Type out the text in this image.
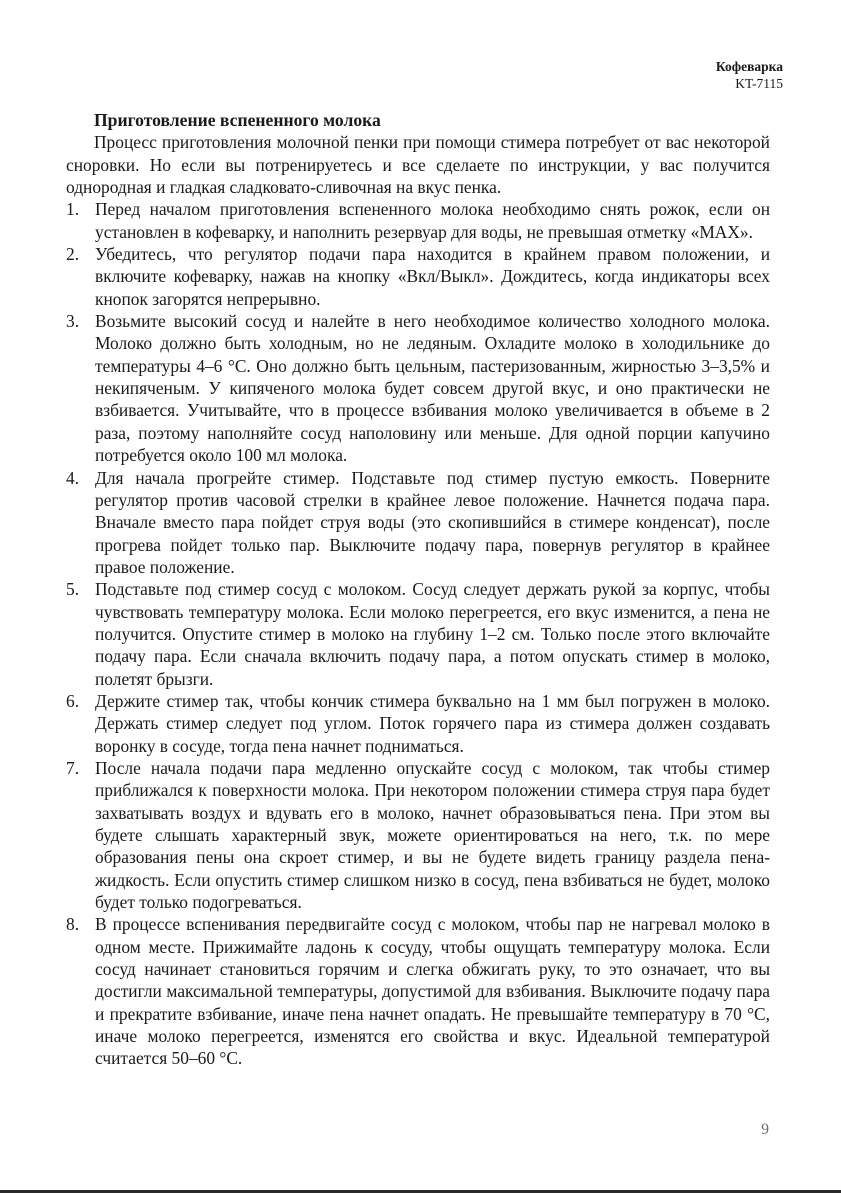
Кофеварка
KT-7115
Приготовление вспененного молока

Процесс приготовления молочной пенки при помощи стимера потребует от вас некоторой сноровки. Но если вы потренируетесь и все сделаете по инструкции, у вас получится однородная и гладкая сладковато-сливочная на вкус пенка.

1. Перед началом приготовления вспененного молока необходимо снять рожок, если он установлен в кофеварку, и наполнить резервуар для воды, не превышая отметку «MAX».
2. Убедитесь, что регулятор подачи пара находится в крайнем правом положении, и включите кофеварку, нажав на кнопку «Вкл/Выкл». Дождитесь, когда индикаторы всех кнопок загорятся непрерывно.
3. Возьмите высокий сосуд и налейте в него необходимое количество холодного молока. Молоко должно быть холодным, но не ледяным. Охладите молоко в холодильнике до температуры 4–6 °С. Оно должно быть цельным, пастеризованным, жирностью 3–3,5% и некипяченым. У кипяченого молока будет совсем другой вкус, и оно практически не взбивается. Учитывайте, что в процессе взбивания молоко увеличивается в объеме в 2 раза, поэтому наполняйте сосуд наполовину или меньше. Для одной порции капучино потребуется около 100 мл молока.
4. Для начала прогрейте стимер. Подставьте под стимер пустую емкость. Поверните регулятор против часовой стрелки в крайнее левое положение. Начнется подача пара. Вначале вместо пара пойдет струя воды (это скопившийся в стимере конденсат), после прогрева пойдет только пар. Выключите подачу пара, повернув регулятор в крайнее правое положение.
5. Подставьте под стимер сосуд с молоком. Сосуд следует держать рукой за корпус, чтобы чувствовать температуру молока. Если молоко перегреется, его вкус изменится, а пена не получится. Опустите стимер в молоко на глубину 1–2 см. Только после этого включайте подачу пара. Если сначала включить подачу пара, а потом опускать стимер в молоко, полетят брызги.
6. Держите стимер так, чтобы кончик стимера буквально на 1 мм был погружен в молоко. Держать стимер следует под углом. Поток горячего пара из стимера должен создавать воронку в сосуде, тогда пена начнет подниматься.
7. После начала подачи пара медленно опускайте сосуд с молоком, так чтобы стимер приближался к поверхности молока. При некотором положении стимера струя пара будет захватывать воздух и вдувать его в молоко, начнет образовываться пена. При этом вы будете слышать характерный звук, можете ориентироваться на него, т.к. по мере образования пены она скроет стимер, и вы не будете видеть границу раздела пена-жидкость. Если опустить стимер слишком низко в сосуд, пена взбиваться не будет, молоко будет только подогреваться.
8. В процессе вспенивания передвигайте сосуд с молоком, чтобы пар не нагревал молоко в одном месте. Прижимайте ладонь к сосуду, чтобы ощущать температуру молока. Если сосуд начинает становиться горячим и слегка обжигать руку, то это означает, что вы достигли максимальной температуры, допустимой для взбивания. Выключите подачу пара и прекратите взбивание, иначе пена начнет опадать. Не превышайте температуру в 70 °С, иначе молоко перегреется, изменятся его свойства и вкус. Идеальной температурой считается 50–60 °С.
9
